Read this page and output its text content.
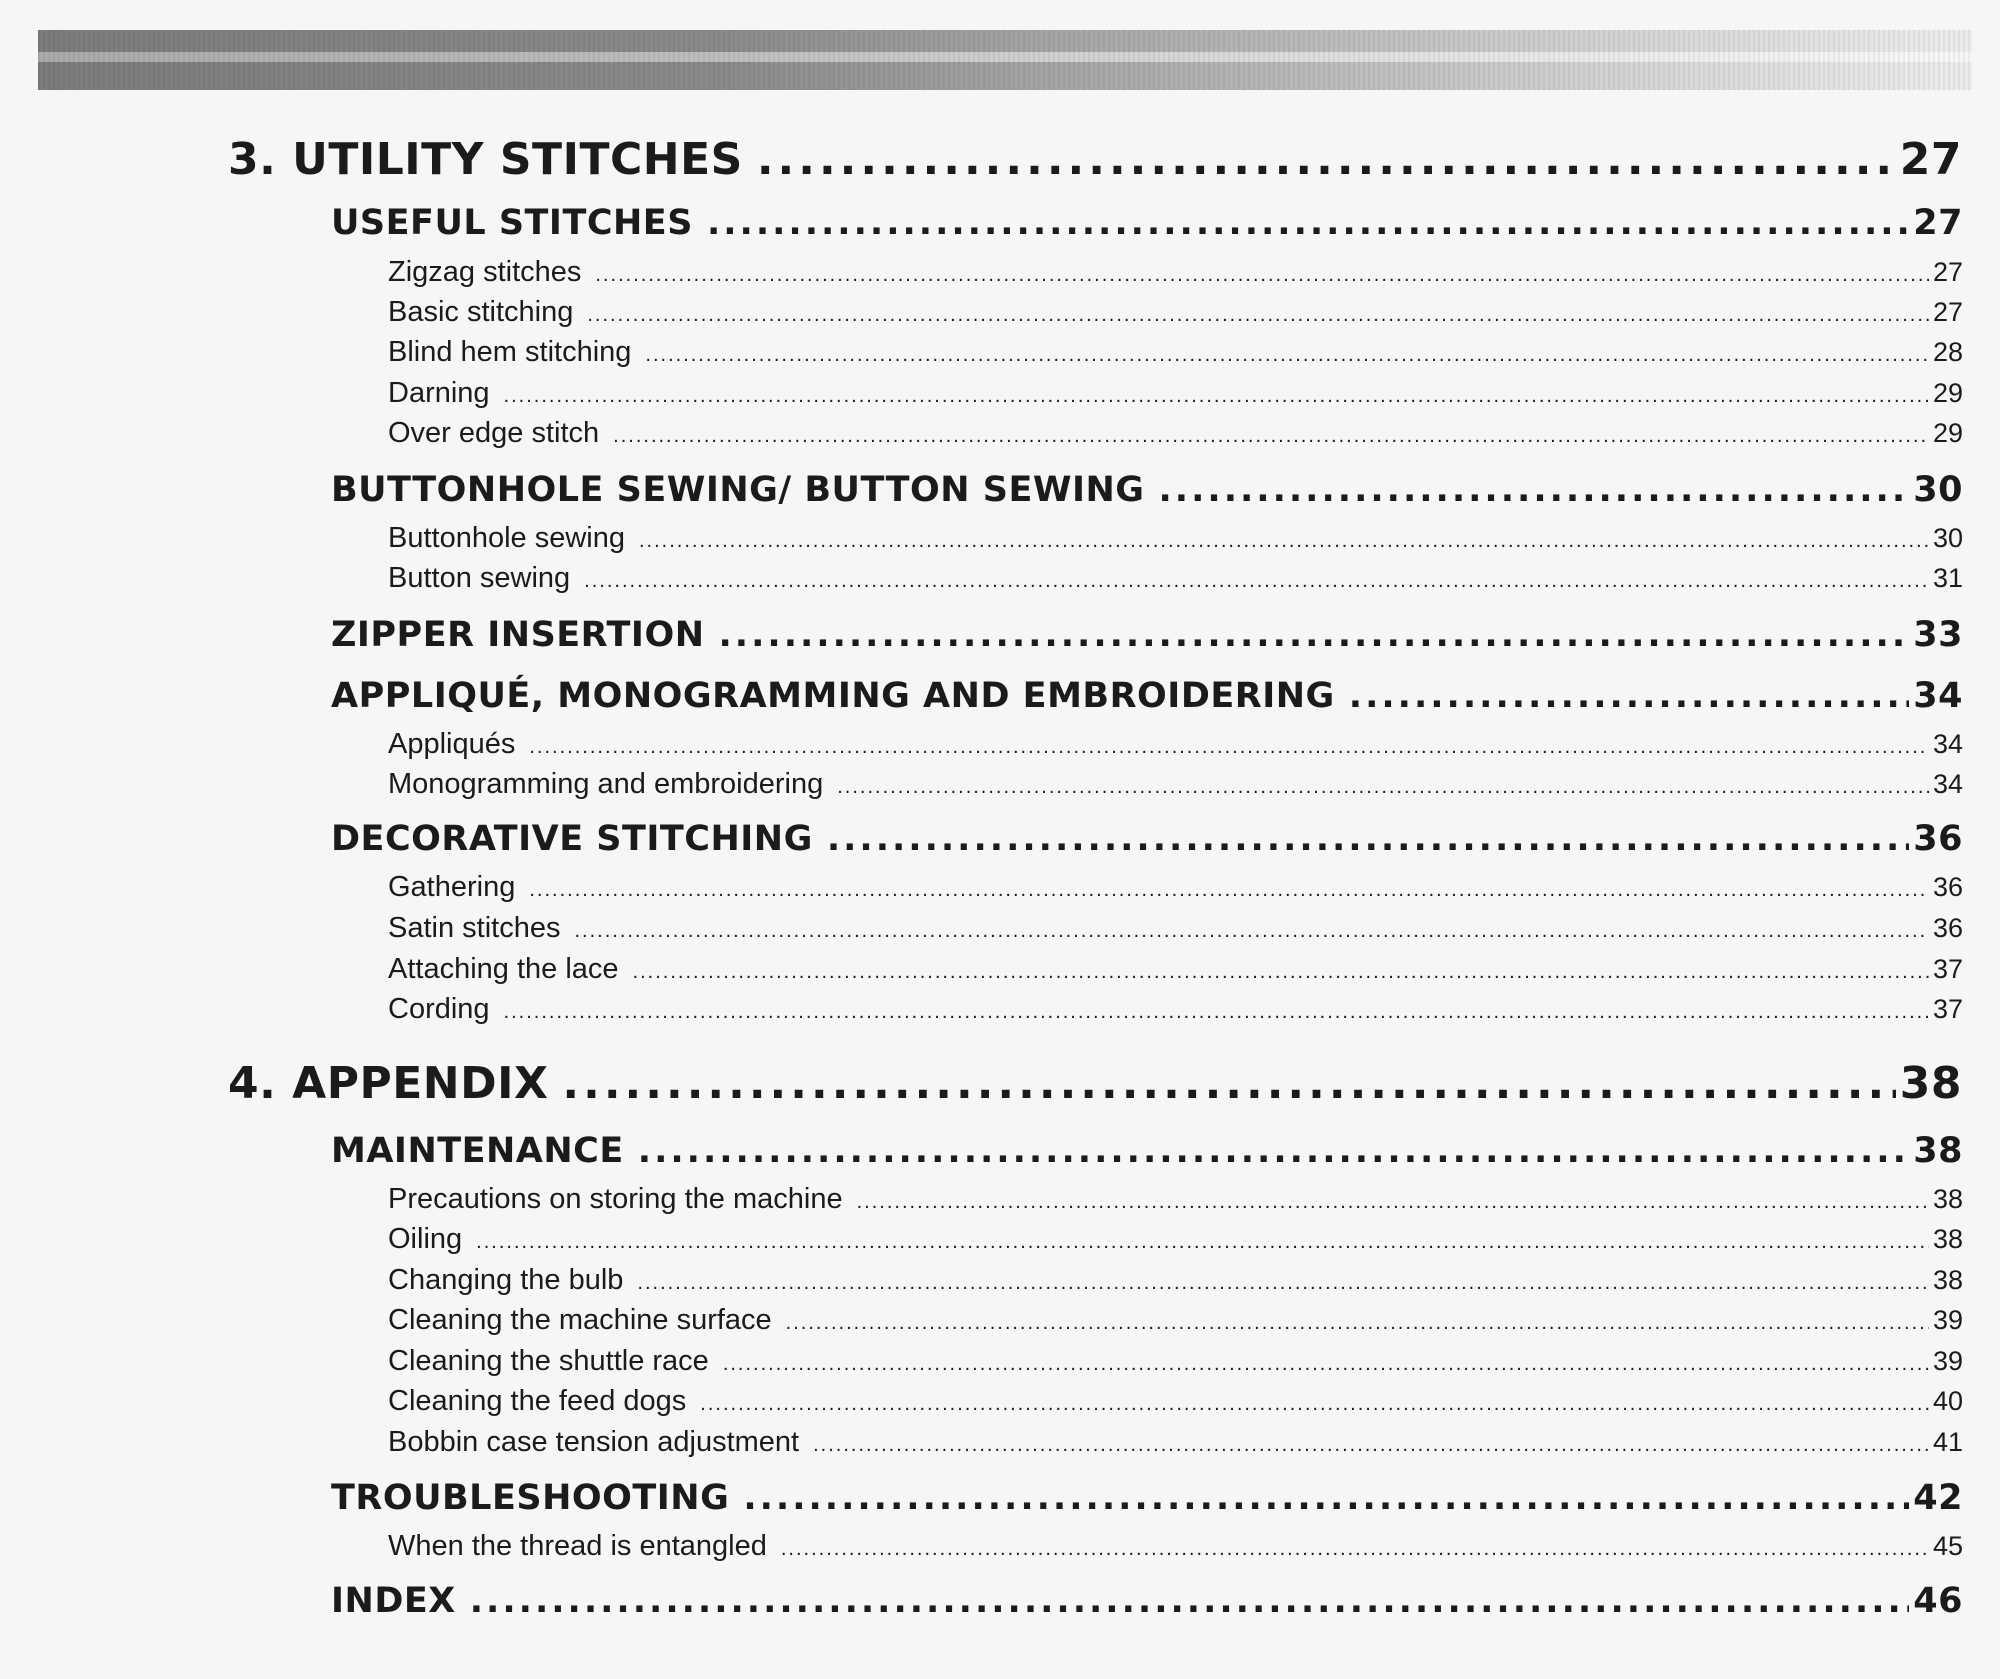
3. UTILITY STITCHES .....	27
USEFUL STITCHES .....	27
Zigzag stitches .....	27
Basic stitching .....	27
Blind hem stitching .....	28
Darning .....	29
Over edge stitch .....	29
BUTTONHOLE SEWING/ BUTTON SEWING .....	30
Buttonhole sewing .....	30
Button sewing .....	31
ZIPPER INSERTION .....	33
APPLIQUÉ, MONOGRAMMING AND EMBROIDERING .....	34
Appliqués .....	34
Monogramming and embroidering .....	34
DECORATIVE STITCHING .....	36
Gathering .....	36
Satin stitches .....	36
Attaching the lace .....	37
Cording .....	37
4. APPENDIX .....	38
MAINTENANCE .....	38
Precautions on storing the machine .....	38
Oiling .....	38
Changing the bulb .....	38
Cleaning the machine surface .....	39
Cleaning the shuttle race .....	39
Cleaning the feed dogs .....	40
Bobbin case tension adjustment .....	41
TROUBLESHOOTING .....	42
When the thread is entangled .....	45
INDEX .....	46
